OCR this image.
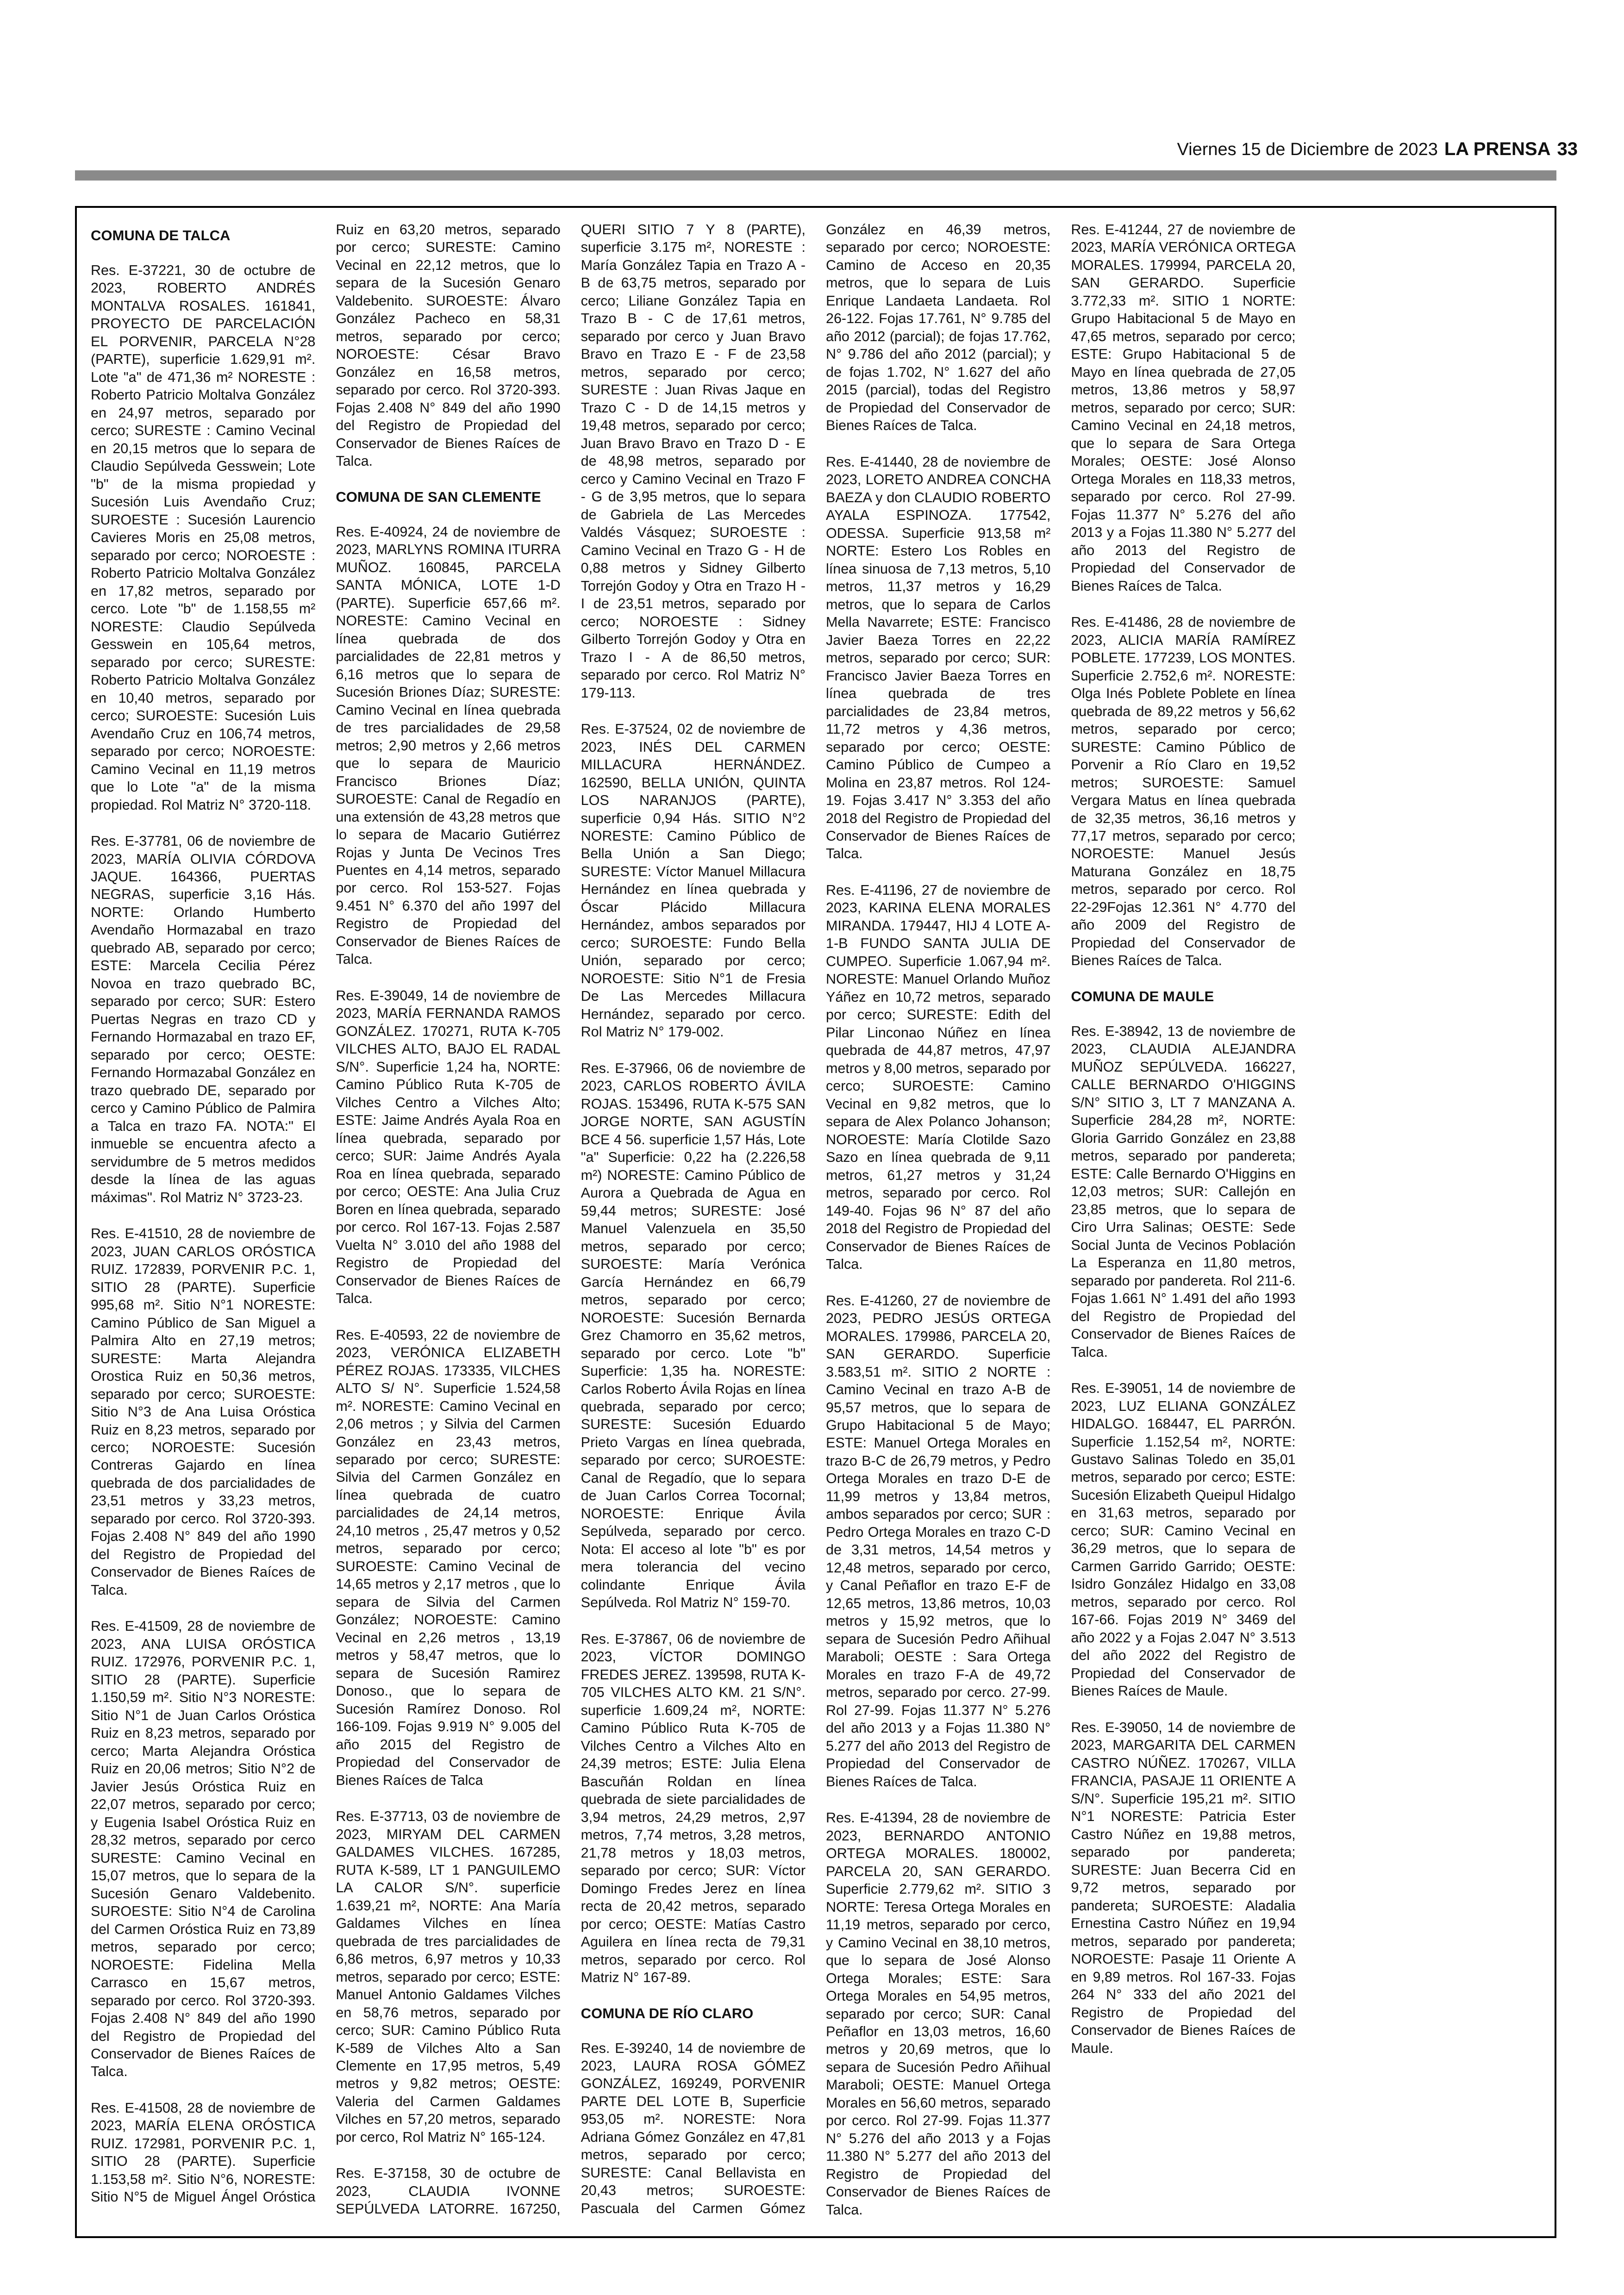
Viernes 15 de Diciembre de 2023 LA PRENSA 33
COMUNA DE TALCA

Res. E-37221, 30 de octubre de 2023, ROBERTO ANDRÉS MONTALVA ROSALES. 161841, PROYECTO DE PARCELACIÓN EL PORVENIR, PARCELA N°28 (PARTE), superficie 1.629,91 m². Lote "a" de 471,36 m² NORESTE : Roberto Patricio Moltalva González en 24,97 metros, separado por cerco; SURESTE : Camino Vecinal en 20,15 metros que lo separa de Claudio Sepúlveda Gesswein; Lote "b" de la misma propiedad y Sucesión Luis Avendaño Cruz; SUROESTE : Sucesión Laurencio Cavieres Moris en 25,08 metros, separado por cerco; NOROESTE : Roberto Patricio Moltalva González en 17,82 metros, separado por cerco. Lote "b" de 1.158,55 m² NORESTE: Claudio Sepúlveda Gesswein en 105,64 metros, separado por cerco; SURESTE: Roberto Patricio Moltalva González en 10,40 metros, separado por cerco; SUROESTE: Sucesión Luis Avendaño Cruz en 106,74 metros, separado por cerco; NOROESTE: Camino Vecinal en 11,19 metros que lo Lote "a" de la misma propiedad. Rol Matriz N° 3720-118.

Res. E-37781, 06 de noviembre de 2023, MARÍA OLIVIA CÓRDOVA JAQUE. 164366, PUERTAS NEGRAS, superficie 3,16 Hás. NORTE: Orlando Humberto Avendaño Hormazabal en trazo quebrado AB, separado por cerco; ESTE: Marcela Cecilia Pérez Novoa en trazo quebrado BC, separado por cerco; SUR: Estero Puertas Negras en trazo CD y Fernando Hormazabal en trazo EF, separado por cerco; OESTE: Fernando Hormazabal González en trazo quebrado DE, separado por cerco y Camino Público de Palmira a Talca en trazo FA. NOTA:" El inmueble se encuentra afecto a servidumbre de 5 metros medidos desde la línea de las aguas máximas". Rol Matriz N° 3723-23.

Res. E-41510, 28 de noviembre de 2023, JUAN CARLOS ORÓSTICA RUIZ. 172839, PORVENIR P.C. 1, SITIO 28 (PARTE). Superficie 995,68 m². Sitio N°1 NORESTE: Camino Público de San Miguel a Palmira Alto en 27,19 metros; SURESTE: Marta Alejandra Orostica Ruiz en 50,36 metros, separado por cerco; SUROESTE: Sitio N°3 de Ana Luisa Oróstica Ruiz en 8,23 metros, separado por cerco; NOROESTE: Sucesión Contreras Gajardo en línea quebrada de dos parcialidades de 23,51 metros y 33,23 metros, separado por cerco. Rol 3720-393. Fojas 2.408 N° 849 del año 1990 del Registro de Propiedad del Conservador de Bienes Raíces de Talca.

Res. E-41509, 28 de noviembre de 2023, ANA LUISA ORÓSTICA RUIZ. 172976, PORVENIR P.C. 1, SITIO 28 (PARTE). Superficie 1.150,59 m². Sitio N°3 NORESTE: Sitio N°1 de Juan Carlos Oróstica Ruiz en 8,23 metros, separado por cerco; Marta Alejandra Oróstica Ruiz en 20,06 metros; Sitio N°2 de Javier Jesús Oróstica Ruiz en 22,07 metros, separado por cerco; y Eugenia Isabel Oróstica Ruiz en 28,32 metros, separado por cerco SURESTE: Camino Vecinal en 15,07 metros, que lo separa de la Sucesión Genaro Valdebenito. SUROESTE: Sitio N°4 de Carolina del Carmen Oróstica Ruiz en 73,89 metros, separado por cerco; NOROESTE: Fidelina Mella Carrasco en 15,67 metros, separado por cerco. Rol 3720-393. Fojas 2.408 N° 849 del año 1990 del Registro de Propiedad del Conservador de Bienes Raíces de Talca.

Res. E-41508, 28 de noviembre de 2023, MARÍA ELENA ORÓSTICA RUIZ. 172981, PORVENIR P.C. 1, SITIO 28 (PARTE). Superficie 1.153,58 m². Sitio N°6, NORESTE: Sitio N°5 de Miguel Ángel Oróstica Ruiz en 63,20 metros, separado por cerco; SURESTE: Camino Vecinal en 22,12 metros, que lo separa de la Sucesión Genaro Valdebenito. SUROESTE: Álvaro González Pacheco en 58,31 metros, separado por cerco; NOROESTE: César Bravo González en 16,58 metros, separado por cerco. Rol 3720-393. Fojas 2.408 N° 849 del año 1990 del Registro de Propiedad del Conservador de Bienes Raíces de Talca.

COMUNA DE SAN CLEMENTE

Res. E-40924, 24 de noviembre de 2023, MARLYNS ROMINA ITURRA MUÑOZ. 160845, PARCELA SANTA MÓNICA, LOTE 1-D (PARTE). Superficie 657,66 m². NORESTE: Camino Vecinal en línea quebrada de dos parcialidades de 22,81 metros y 6,16 metros que lo separa de Sucesión Briones Díaz; SURESTE: Camino Vecinal en línea quebrada de tres parcialidades de 29,58 metros; 2,90 metros y 2,66 metros que lo separa de Mauricio Francisco Briones Díaz; SUROESTE: Canal de Regadío en una extensión de 43,28 metros que lo separa de Macario Gutiérrez Rojas y Junta De Vecinos Tres Puentes en 4,14 metros, separado por cerco. Rol 153-527. Fojas 9.451 N° 6.370 del año 1997 del Registro de Propiedad del Conservador de Bienes Raíces de Talca.

Res. E-39049, 14 de noviembre de 2023, MARÍA FERNANDA RAMOS GONZÁLEZ. 170271, RUTA K-705 VILCHES ALTO, BAJO EL RADAL S/N°. Superficie 1,24 ha, NORTE: Camino Público Ruta K-705 de Vilches Centro a Vilches Alto; ESTE: Jaime Andrés Ayala Roa en línea quebrada, separado por cerco; SUR: Jaime Andrés Ayala Roa en línea quebrada, separado por cerco; OESTE: Ana Julia Cruz Boren en línea quebrada, separado por cerco. Rol 167-13. Fojas 2.587 Vuelta N° 3.010 del año 1988 del Registro de Propiedad del Conservador de Bienes Raíces de Talca.

Res. E-40593, 22 de noviembre de 2023, VERÓNICA ELIZABETH PÉREZ ROJAS. 173335, VILCHES ALTO S/ N°. Superficie 1.524,58 m². NORESTE: Camino Vecinal en 2,06 metros ; y Silvia del Carmen González en 23,43 metros, separado por cerco; SURESTE: Silvia del Carmen González en línea quebrada de cuatro parcialidades de 24,14 metros, 24,10 metros , 25,47 metros y 0,52 metros, separado por cerco; SUROESTE: Camino Vecinal de 14,65 metros y 2,17 metros , que lo separa de Silvia del Carmen González; NOROESTE: Camino Vecinal en 2,26 metros , 13,19 metros y 58,47 metros, que lo separa de Sucesión Ramirez Donoso., que lo separa de Sucesión Ramírez Donoso. Rol 166-109. Fojas 9.919 N° 9.005 del año 2015 del Registro de Propiedad del Conservador de Bienes Raíces de Talca

Res. E-37713, 03 de noviembre de 2023, MIRYAM DEL CARMEN GALDAMES VILCHES. 167285, RUTA K-589, LT 1 PANGUILEMO LA CALOR S/N°. superficie 1.639,21 m², NORTE: Ana María Galdames Vilches en línea quebrada de tres parcialidades de 6,86 metros, 6,97 metros y 10,33 metros, separado por cerco; ESTE: Manuel Antonio Galdames Vilches en 58,76 metros, separado por cerco; SUR: Camino Público Ruta K-589 de Vilches Alto a San Clemente en 17,95 metros, 5,49 metros y 9,82 metros; OESTE: Valeria del Carmen Galdames Vilches en 57,20 metros, separado por cerco, Rol Matriz N° 165-124.

Res. E-37158, 30 de octubre de 2023, CLAUDIA IVONNE SEPÚLVEDA LATORRE. 167250, QUERI SITIO 7 Y 8 (PARTE), superficie 3.175 m², NORESTE : María González Tapia en Trazo A - B de 63,75 metros, separado por cerco; Liliane González Tapia en Trazo B - C de 17,61 metros, separado por cerco y Juan Bravo Bravo en Trazo E - F de 23,58 metros, separado por cerco; SURESTE : Juan Rivas Jaque en Trazo C - D de 14,15 metros y 19,48 metros, separado por cerco; Juan Bravo Bravo en Trazo D - E de 48,98 metros, separado por cerco y Camino Vecinal en Trazo F - G de 3,95 metros, que lo separa de Gabriela de Las Mercedes Valdés Vásquez; SUROESTE : Camino Vecinal en Trazo G - H de 0,88 metros y Sidney Gilberto Torrejón Godoy y Otra en Trazo H - I de 23,51 metros, separado por cerco; NOROESTE : Sidney Gilberto Torrejón Godoy y Otra en Trazo I - A de 86,50 metros, separado por cerco. Rol Matriz N° 179-113.

Res. E-37524, 02 de noviembre de 2023, INÉS DEL CARMEN MILLACURA HERNÁNDEZ. 162590, BELLA UNIÓN, QUINTA LOS NARANJOS (PARTE), superficie 0,94 Hás. SITIO N°2 NORESTE: Camino Público de Bella Unión a San Diego; SURESTE: Víctor Manuel Millacura Hernández en línea quebrada y Óscar Plácido Millacura Hernández, ambos separados por cerco; SUROESTE: Fundo Bella Unión, separado por cerco; NOROESTE: Sitio N°1 de Fresia De Las Mercedes Millacura Hernández, separado por cerco. Rol Matriz N° 179-002.

Res. E-37966, 06 de noviembre de 2023, CARLOS ROBERTO ÁVILA ROJAS. 153496, RUTA K-575 SAN JORGE NORTE, SAN AGUSTÍN BCE 4 56. superficie 1,57 Hás, Lote "a" Superficie: 0,22 ha (2.226,58 m²) NORESTE: Camino Público de Aurora a Quebrada de Agua en 59,44 metros; SURESTE: José Manuel Valenzuela en 35,50 metros, separado por cerco; SUROESTE: María Verónica García Hernández en 66,79 metros, separado por cerco; NOROESTE: Sucesión Bernarda Grez Chamorro en 35,62 metros, separado por cerco. Lote "b" Superficie: 1,35 ha. NORESTE: Carlos Roberto Ávila Rojas en línea quebrada, separado por cerco; SURESTE: Sucesión Eduardo Prieto Vargas en línea quebrada, separado por cerco; SUROESTE: Canal de Regadío, que lo separa de Juan Carlos Correa Tocornal; NOROESTE: Enrique Ávila Sepúlveda, separado por cerco. Nota: El acceso al lote "b" es por mera tolerancia del vecino colindante Enrique Ávila Sepúlveda. Rol Matriz N° 159-70.

Res. E-37867, 06 de noviembre de 2023, VÍCTOR DOMINGO FREDES JEREZ. 139598, RUTA K-705 VILCHES ALTO KM. 21 S/N°. superficie 1.609,24 m², NORTE: Camino Público Ruta K-705 de Vilches Centro a Vilches Alto en 24,39 metros; ESTE: Julia Elena Bascuñán Roldan en línea quebrada de siete parcialidades de 3,94 metros, 24,29 metros, 2,97 metros, 7,74 metros, 3,28 metros, 21,78 metros y 18,03 metros, separado por cerco; SUR: Víctor Domingo Fredes Jerez en línea recta de 20,42 metros, separado por cerco; OESTE: Matías Castro Aguilera en línea recta de 79,31 metros, separado por cerco. Rol Matriz N° 167-89.

COMUNA DE RÍO CLARO

Res. E-39240, 14 de noviembre de 2023, LAURA ROSA GÓMEZ GONZÁLEZ, 169249, PORVENIR PARTE DEL LOTE B, Superficie 953,05 m². NORESTE: Nora Adriana Gómez González en 47,81 metros, separado por cerco; SURESTE: Canal Bellavista en 20,43 metros; SUROESTE: Pascuala del Carmen Gómez González en 46,39 metros, separado por cerco; NOROESTE: Camino de Acceso en 20,35 metros, que lo separa de Luis Enrique Landaeta Landaeta. Rol 26-122. Fojas 17.761, N° 9.785 del año 2012 (parcial); de fojas 17.762, N° 9.786 del año 2012 (parcial); y de fojas 1.702, N° 1.627 del año 2015 (parcial), todas del Registro de Propiedad del Conservador de Bienes Raíces de Talca.

Res. E-41440, 28 de noviembre de 2023, LORETO ANDREA CONCHA BAEZA y don CLAUDIO ROBERTO AYALA ESPINOZA. 177542, ODESSA. Superficie 913,58 m² NORTE: Estero Los Robles en línea sinuosa de 7,13 metros, 5,10 metros, 11,37 metros y 16,29 metros, que lo separa de Carlos Mella Navarrete; ESTE: Francisco Javier Baeza Torres en 22,22 metros, separado por cerco; SUR: Francisco Javier Baeza Torres en línea quebrada de tres parcialidades de 23,84 metros, 11,72 metros y 4,36 metros, separado por cerco; OESTE: Camino Público de Cumpeo a Molina en 23,87 metros. Rol 124-19. Fojas 3.417 N° 3.353 del año 2018 del Registro de Propiedad del Conservador de Bienes Raíces de Talca.

Res. E-41196, 27 de noviembre de 2023, KARINA ELENA MORALES MIRANDA. 179447, HIJ 4 LOTE A-1-B FUNDO SANTA JULIA DE CUMPEO. Superficie 1.067,94 m². NORESTE: Manuel Orlando Muñoz Yáñez en 10,72 metros, separado por cerco; SURESTE: Edith del Pilar Linconao Núñez en línea quebrada de 44,87 metros, 47,97 metros y 8,00 metros, separado por cerco; SUROESTE: Camino Vecinal en 9,82 metros, que lo separa de Alex Polanco Johanson; NOROESTE: María Clotilde Sazo Sazo en línea quebrada de 9,11 metros, 61,27 metros y 31,24 metros, separado por cerco. Rol 149-40. Fojas 96 N° 87 del año 2018 del Registro de Propiedad del Conservador de Bienes Raíces de Talca.

Res. E-41260, 27 de noviembre de 2023, PEDRO JESÚS ORTEGA MORALES. 179986, PARCELA 20, SAN GERARDO. Superficie 3.583,51 m². SITIO 2 NORTE : Camino Vecinal en trazo A-B de 95,57 metros, que lo separa de Grupo Habitacional 5 de Mayo; ESTE: Manuel Ortega Morales en trazo B-C de 26,79 metros, y Pedro Ortega Morales en trazo D-E de 11,99 metros y 13,84 metros, ambos separados por cerco; SUR : Pedro Ortega Morales en trazo C-D de 3,31 metros, 14,54 metros y 12,48 metros, separado por cerco, y Canal Peñaflor en trazo E-F de 12,65 metros, 13,86 metros, 10,03 metros y 15,92 metros, que lo separa de Sucesión Pedro Añihual Maraboli; OESTE : Sara Ortega Morales en trazo F-A de 49,72 metros, separado por cerco. 27-99. Rol 27-99. Fojas 11.377 N° 5.276 del año 2013 y a Fojas 11.380 N° 5.277 del año 2013 del Registro de Propiedad del Conservador de Bienes Raíces de Talca.

Res. E-41394, 28 de noviembre de 2023, BERNARDO ANTONIO ORTEGA MORALES. 180002, PARCELA 20, SAN GERARDO. Superficie 2.779,62 m². SITIO 3 NORTE: Teresa Ortega Morales en 11,19 metros, separado por cerco, y Camino Vecinal en 38,10 metros, que lo separa de José Alonso Ortega Morales; ESTE: Sara Ortega Morales en 54,95 metros, separado por cerco; SUR: Canal Peñaflor en 13,03 metros, 16,60 metros y 20,69 metros, que lo separa de Sucesión Pedro Añihual Maraboli; OESTE: Manuel Ortega Morales en 56,60 metros, separado por cerco. Rol 27-99. Fojas 11.377 N° 5.276 del año 2013 y a Fojas 11.380 N° 5.277 del año 2013 del Registro de Propiedad del Conservador de Bienes Raíces de Talca.

Res. E-41244, 27 de noviembre de 2023, MARÍA VERÓNICA ORTEGA MORALES. 179994, PARCELA 20, SAN GERARDO. Superficie 3.772,33 m². SITIO 1 NORTE: Grupo Habitacional 5 de Mayo en 47,65 metros, separado por cerco; ESTE: Grupo Habitacional 5 de Mayo en línea quebrada de 27,05 metros, 13,86 metros y 58,97 metros, separado por cerco; SUR: Camino Vecinal en 24,18 metros, que lo separa de Sara Ortega Morales; OESTE: José Alonso Ortega Morales en 118,33 metros, separado por cerco. Rol 27-99. Fojas 11.377 N° 5.276 del año 2013 y a Fojas 11.380 N° 5.277 del año 2013 del Registro de Propiedad del Conservador de Bienes Raíces de Talca.

Res. E-41486, 28 de noviembre de 2023, ALICIA MARÍA RAMÍREZ POBLETE. 177239, LOS MONTES. Superficie 2.752,6 m². NORESTE: Olga Inés Poblete Poblete en línea quebrada de 89,22 metros y 56,62 metros, separado por cerco; SURESTE: Camino Público de Porvenir a Río Claro en 19,52 metros; SUROESTE: Samuel Vergara Matus en línea quebrada de 32,35 metros, 36,16 metros y 77,17 metros, separado por cerco; NOROESTE: Manuel Jesús Maturana González en 18,75 metros, separado por cerco. Rol 22-29Fojas 12.361 N° 4.770 del año 2009 del Registro de Propiedad del Conservador de Bienes Raíces de Talca.

COMUNA DE MAULE

Res. E-38942, 13 de noviembre de 2023, CLAUDIA ALEJANDRA MUÑOZ SEPÚLVEDA. 166227, CALLE BERNARDO O'HIGGINS S/N° SITIO 3, LT 7 MANZANA A. Superficie 284,28 m², NORTE: Gloria Garrido González en 23,88 metros, separado por pandereta; ESTE: Calle Bernardo O'Higgins en 12,03 metros; SUR: Callejón en 23,85 metros, que lo separa de Ciro Urra Salinas; OESTE: Sede Social Junta de Vecinos Población La Esperanza en 11,80 metros, separado por pandereta. Rol 211-6. Fojas 1.661 N° 1.491 del año 1993 del Registro de Propiedad del Conservador de Bienes Raíces de Talca.

Res. E-39051, 14 de noviembre de 2023, LUZ ELIANA GONZÁLEZ HIDALGO. 168447, EL PARRÓN. Superficie 1.152,54 m², NORTE: Gustavo Salinas Toledo en 35,01 metros, separado por cerco; ESTE: Sucesión Elizabeth Queipul Hidalgo en 31,63 metros, separado por cerco; SUR: Camino Vecinal en 36,29 metros, que lo separa de Carmen Garrido Garrido; OESTE: Isidro González Hidalgo en 33,08 metros, separado por cerco. Rol 167-66. Fojas 2019 N° 3469 del año 2022 y a Fojas 2.047 N° 3.513 del año 2022 del Registro de Propiedad del Conservador de Bienes Raíces de Maule.

Res. E-39050, 14 de noviembre de 2023, MARGARITA DEL CARMEN CASTRO NÚÑEZ. 170267, VILLA FRANCIA, PASAJE 11 ORIENTE A S/N°. Superficie 195,21 m². SITIO N°1 NORESTE: Patricia Ester Castro Núñez en 19,88 metros, separado por pandereta; SURESTE: Juan Becerra Cid en 9,72 metros, separado por pandereta; SUROESTE: Aladalia Ernestina Castro Núñez en 19,94 metros, separado por pandereta; NOROESTE: Pasaje 11 Oriente A en 9,89 metros. Rol 167-33. Fojas 264 N° 333 del año 2021 del Registro de Propiedad del Conservador de Bienes Raíces de Maule.
